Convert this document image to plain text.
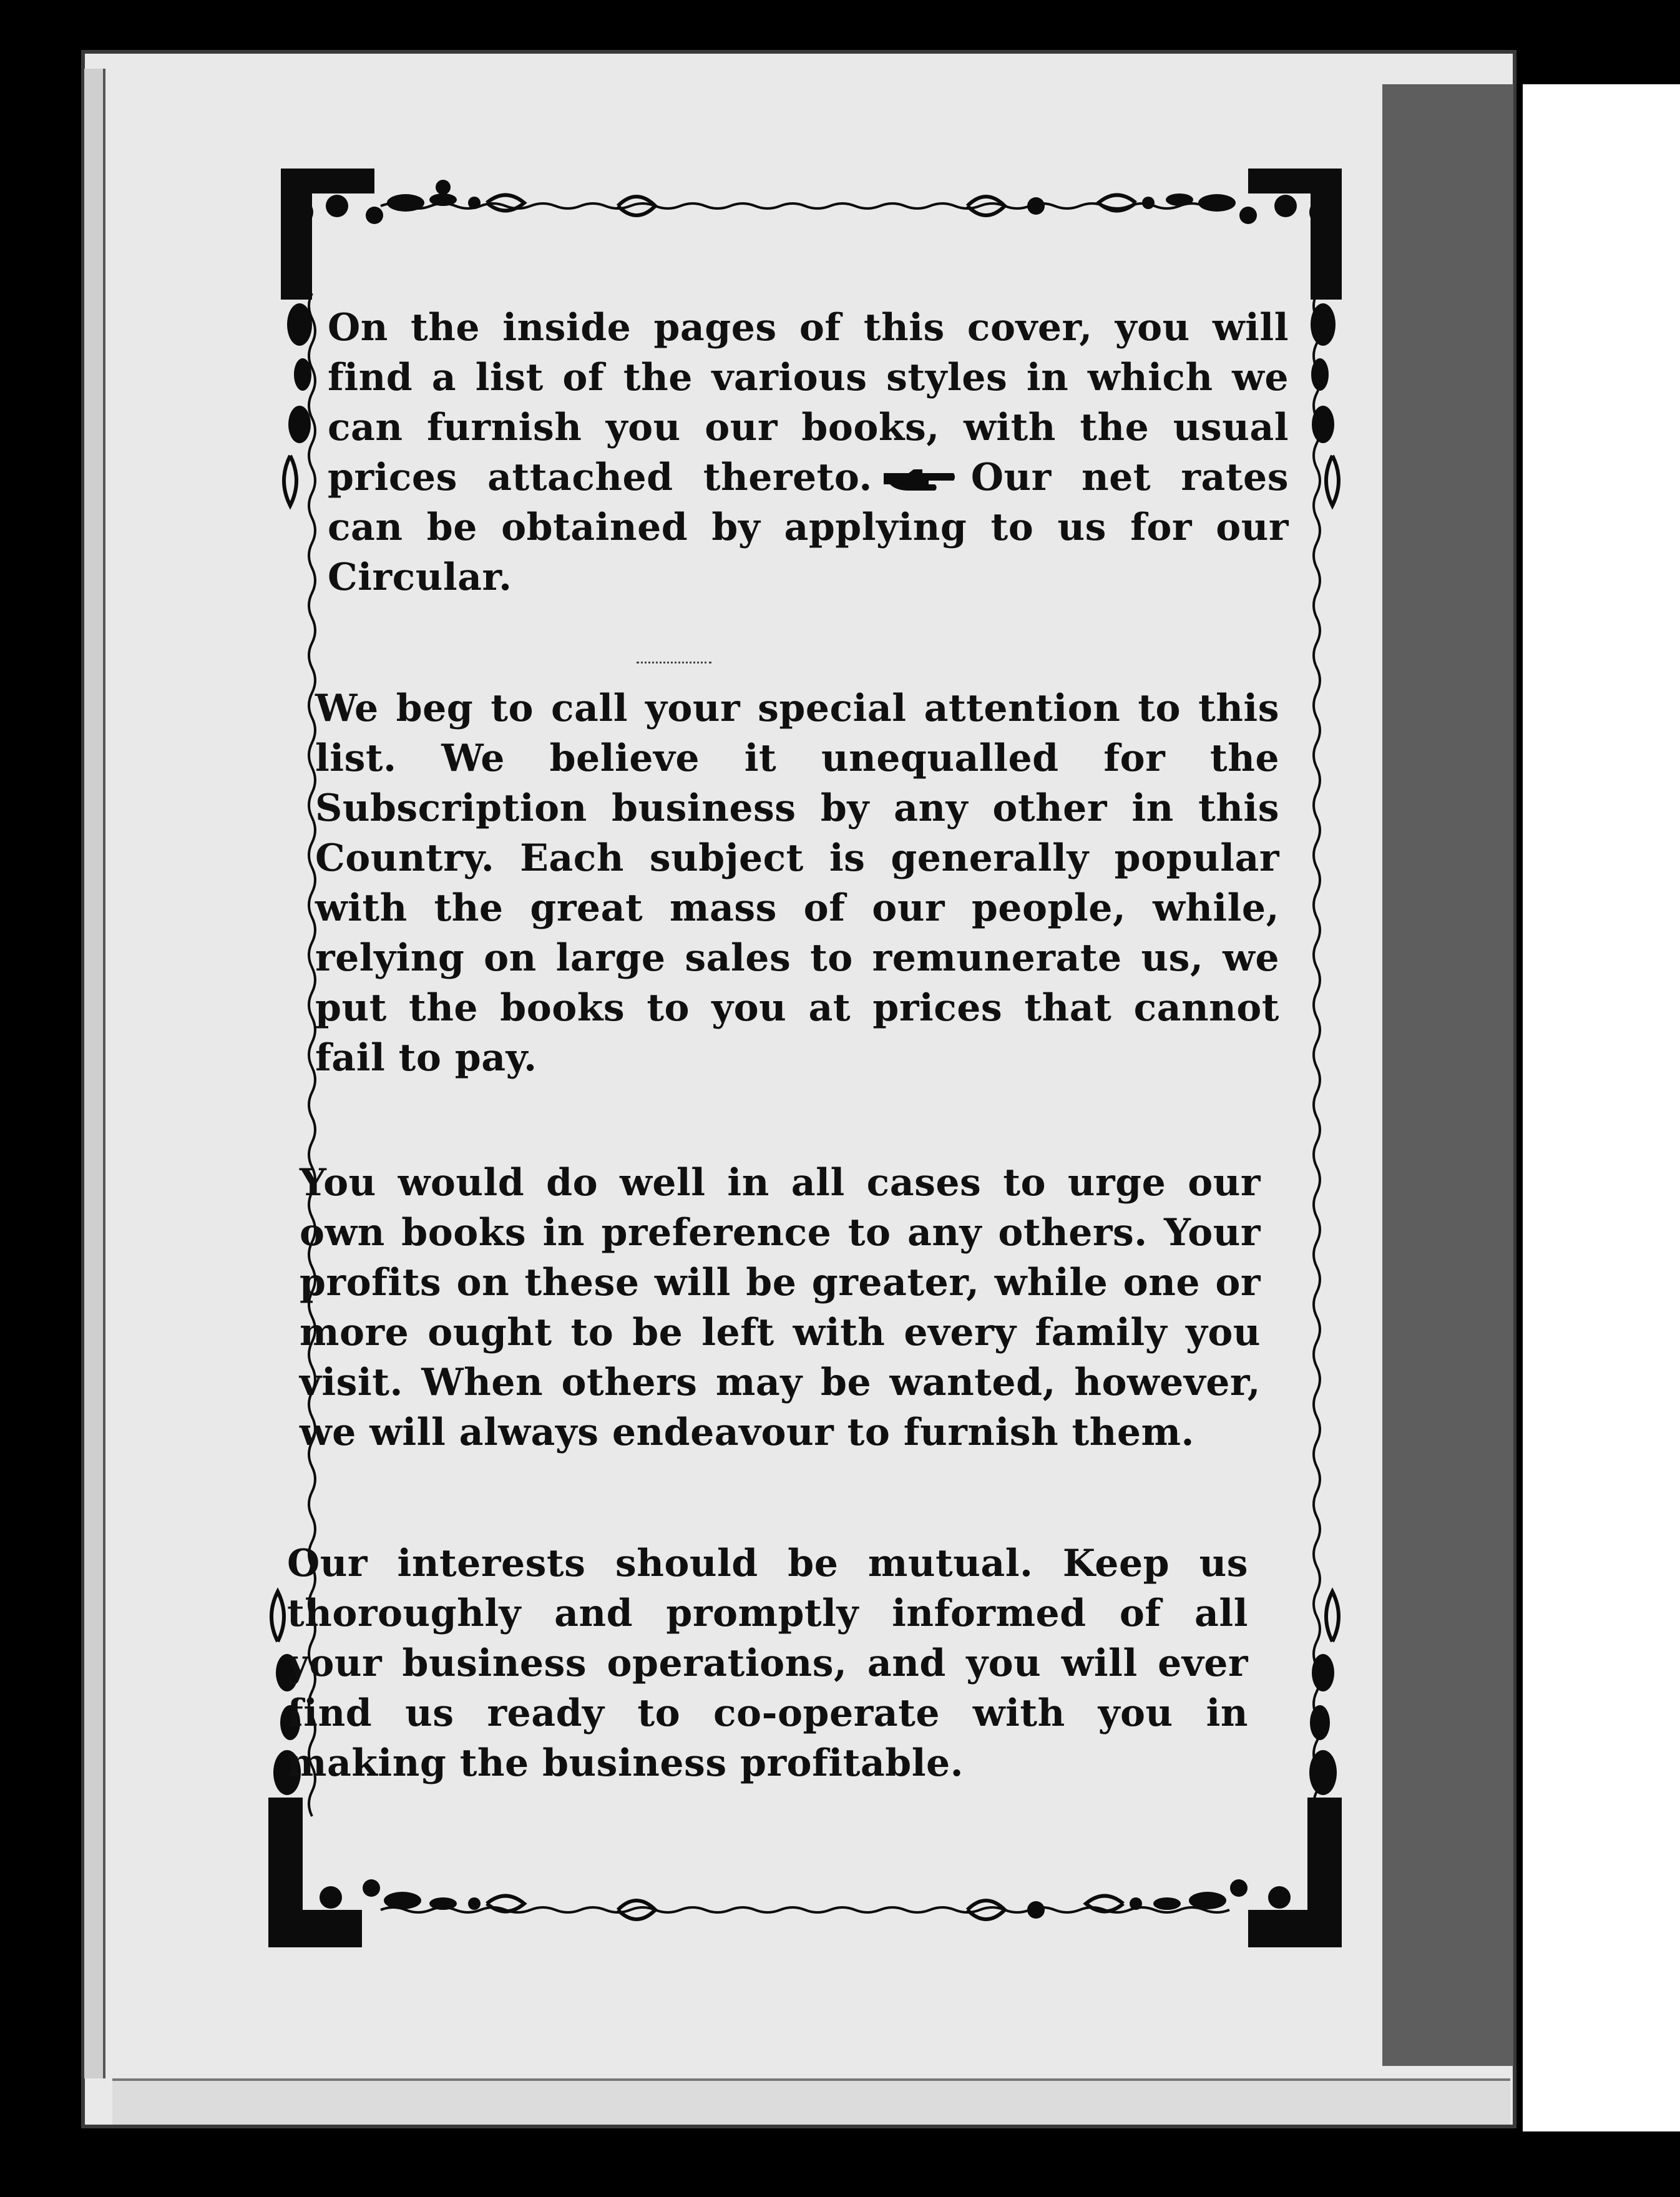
On the inside pages of this cover, you will find a list of the various styles in which we can furnish you our books, with the usual prices attached thereto.	Our net rates can be obtained by applying to us for our Circular.
We beg to call your special attention to this list. We believe it unequalled for the Subscription business by any other in this Country. Each subject is generally popular with the great mass of our people, while, relying on large sales to remunerate us, we put the books to you at prices that cannot fail to pay.
You would do well in all cases to urge our own books in preference to any others. Your profits on these will be greater, while one or more ought to be left with every family you visit. When others may be wanted, however, we will always endeavour to furnish them.
Our interests should be mutual. Keep us thoroughly and promptly informed of all your business operations, and you will ever find us ready to co-operate with you in making the business profitable.
